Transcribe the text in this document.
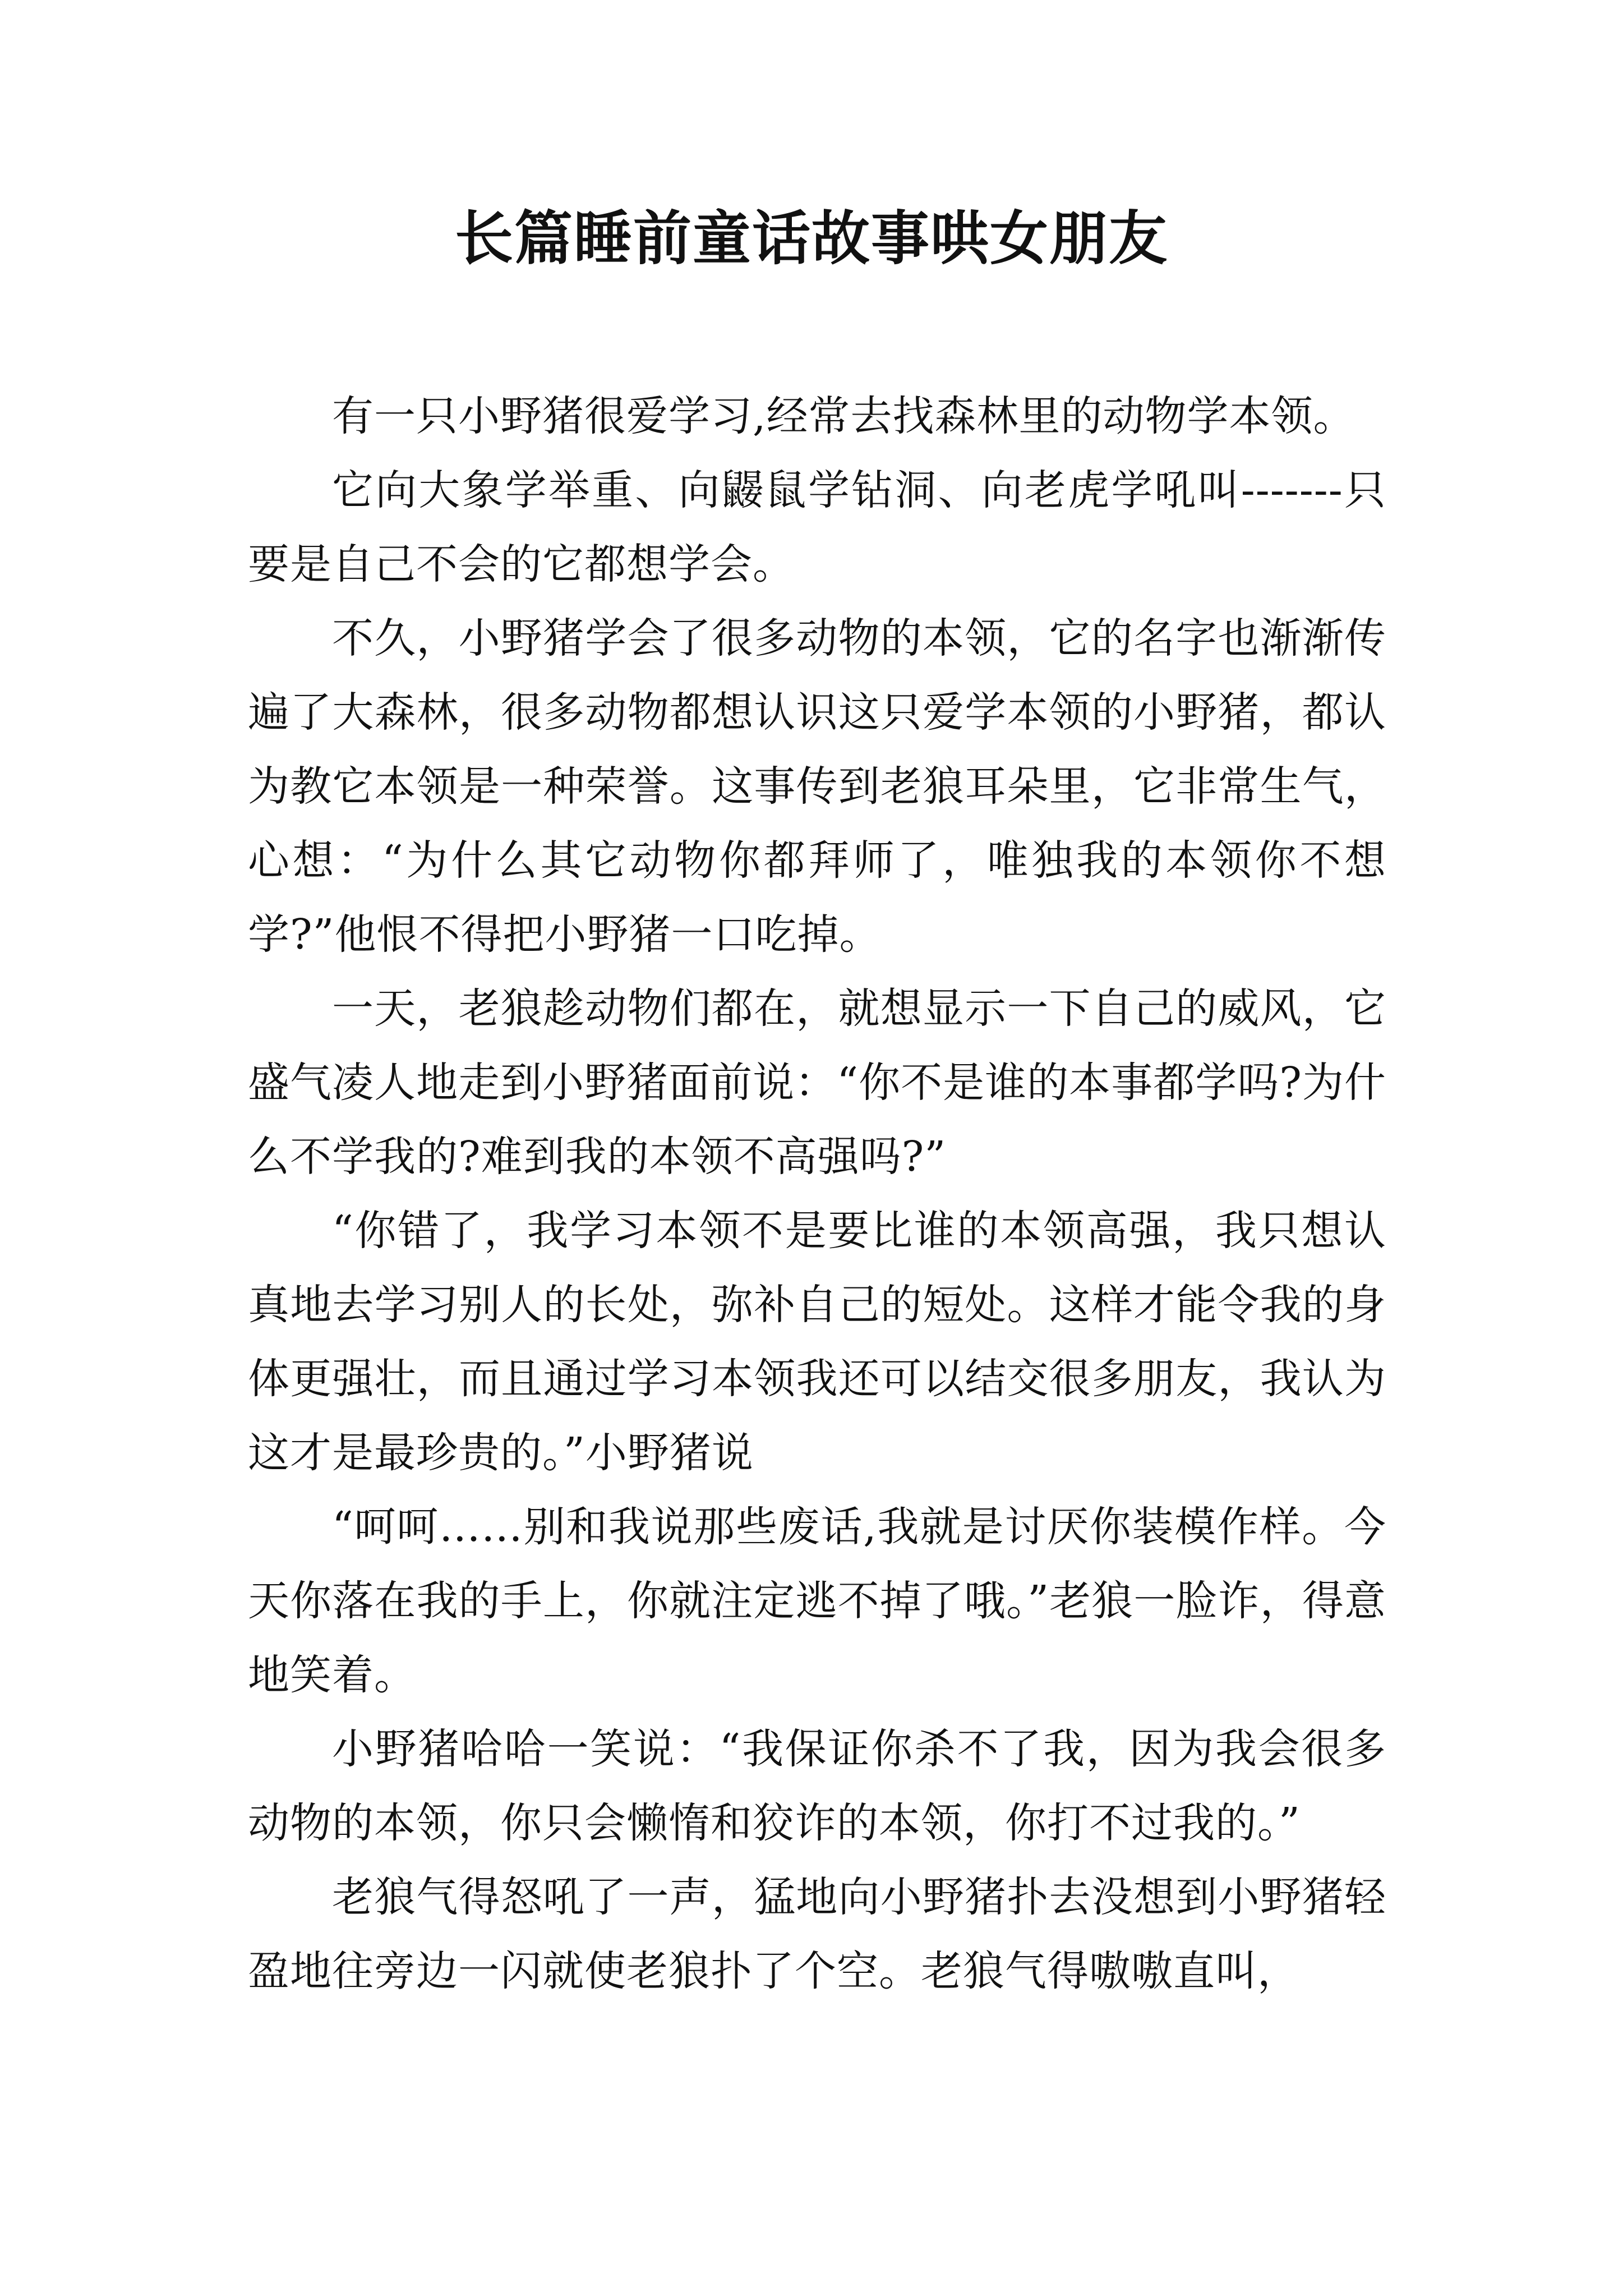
长篇睡前童话故事哄女朋友

有一只小野猪很爱学习,经常去找森林里的动物学本领。

它向大象学举重、向鼹鼠学钻洞、向老虎学吼叫-------只要是自己不会的它都想学会。

不久，小野猪学会了很多动物的本领，它的名字也渐渐传遍了大森林，很多动物都想认识这只爱学本领的小野猪，都认为教它本领是一种荣誉。这事传到老狼耳朵里，它非常生气，心想：“为什么其它动物你都拜师了，唯独我的本领你不想学?”他恨不得把小野猪一口吃掉。

一天，老狼趁动物们都在，就想显示一下自己的威风，它盛气凌人地走到小野猪面前说：“你不是谁的本事都学吗?为什么不学我的?难到我的本领不高强吗?”

“你错了，我学习本领不是要比谁的本领高强，我只想认真地去学习别人的长处，弥补自己的短处。这样才能令我的身体更强壮，而且通过学习本领我还可以结交很多朋友，我认为这才是最珍贵的。”小野猪说

“呵呵……别和我说那些废话,我就是讨厌你装模作样。今天你落在我的手上，你就注定逃不掉了哦。”老狼一脸诈，得意地笑着。

小野猪哈哈一笑说：“我保证你杀不了我，因为我会很多动物的本领，你只会懒惰和狡诈的本领，你打不过我的。”

老狼气得怒吼了一声，猛地向小野猪扑去没想到小野猪轻盈地往旁边一闪就使老狼扑了个空。老狼气得嗷嗷直叫，
